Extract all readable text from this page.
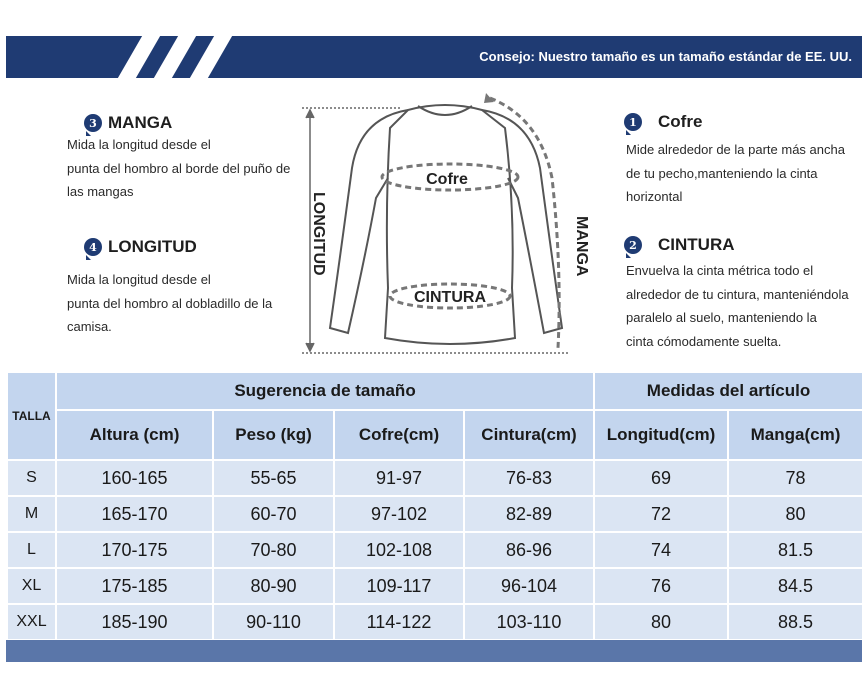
Consejo: Nuestro tamaño es un tamaño estándar de EE. UU.
3 MANGA
Mida la longitud desde el
punta del hombro al borde del puño de
las mangas
4 LONGITUD
Mida la longitud desde el
punta del hombro al dobladillo de la
camisa.
1	Cofre
Mide alrededor de la parte más ancha
de tu pecho,manteniendo la cinta
horizontal
2	CINTURA
Envuelva la cinta métrica todo el
alrededor de tu cintura, manteniéndola
paralelo al suelo, manteniendo la
cinta cómodamente suelta.
Cofre
CINTURA
LONGITUD	MANGA
TALLA	Sugerencia de tamaño				Medidas del artículo	
	Altura (cm)	Peso (kg)	Cofre(cm)	Cintura(cm)	Longitud(cm)	Manga(cm)
S	160-165	55-65	91-97	76-83	69	78
M	165-170	60-70	97-102	82-89	72	80
L	170-175	70-80	102-108	86-96	74	81.5
XL	175-185	80-90	109-117	96-104	76	84.5
XXL	185-190	90-110	114-122	103-110	80	88.5
